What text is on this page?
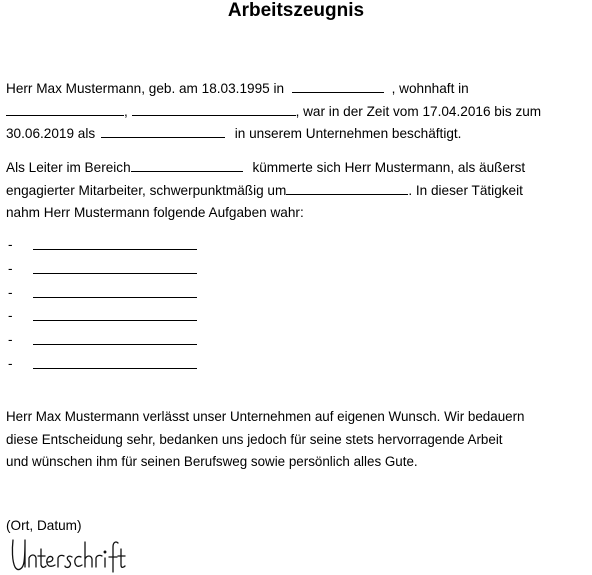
Arbeitszeugnis
Herr Max Mustermann, geb. am 18.03.1995 in	, wohnhaft in
,	, war in der Zeit vom 17.04.2016 bis zum
30.06.2019 als	in unserem Unternehmen beschäftigt.
Als Leiter im Bereich	kümmerte sich Herr Mustermann, als äußerst
engagierter Mitarbeiter, schwerpunktmäßig um	. In dieser Tätigkeit
nahm Herr Mustermann folgende Aufgaben wahr:
-
-
-
-
-
-
Herr Max Mustermann verlässt unser Unternehmen auf eigenen Wunsch. Wir bedauern
diese Entscheidung sehr, bedanken uns jedoch für seine stets hervorragende Arbeit
und wünschen ihm für seinen Berufsweg sowie persönlich alles Gute.
(Ort, Datum)
